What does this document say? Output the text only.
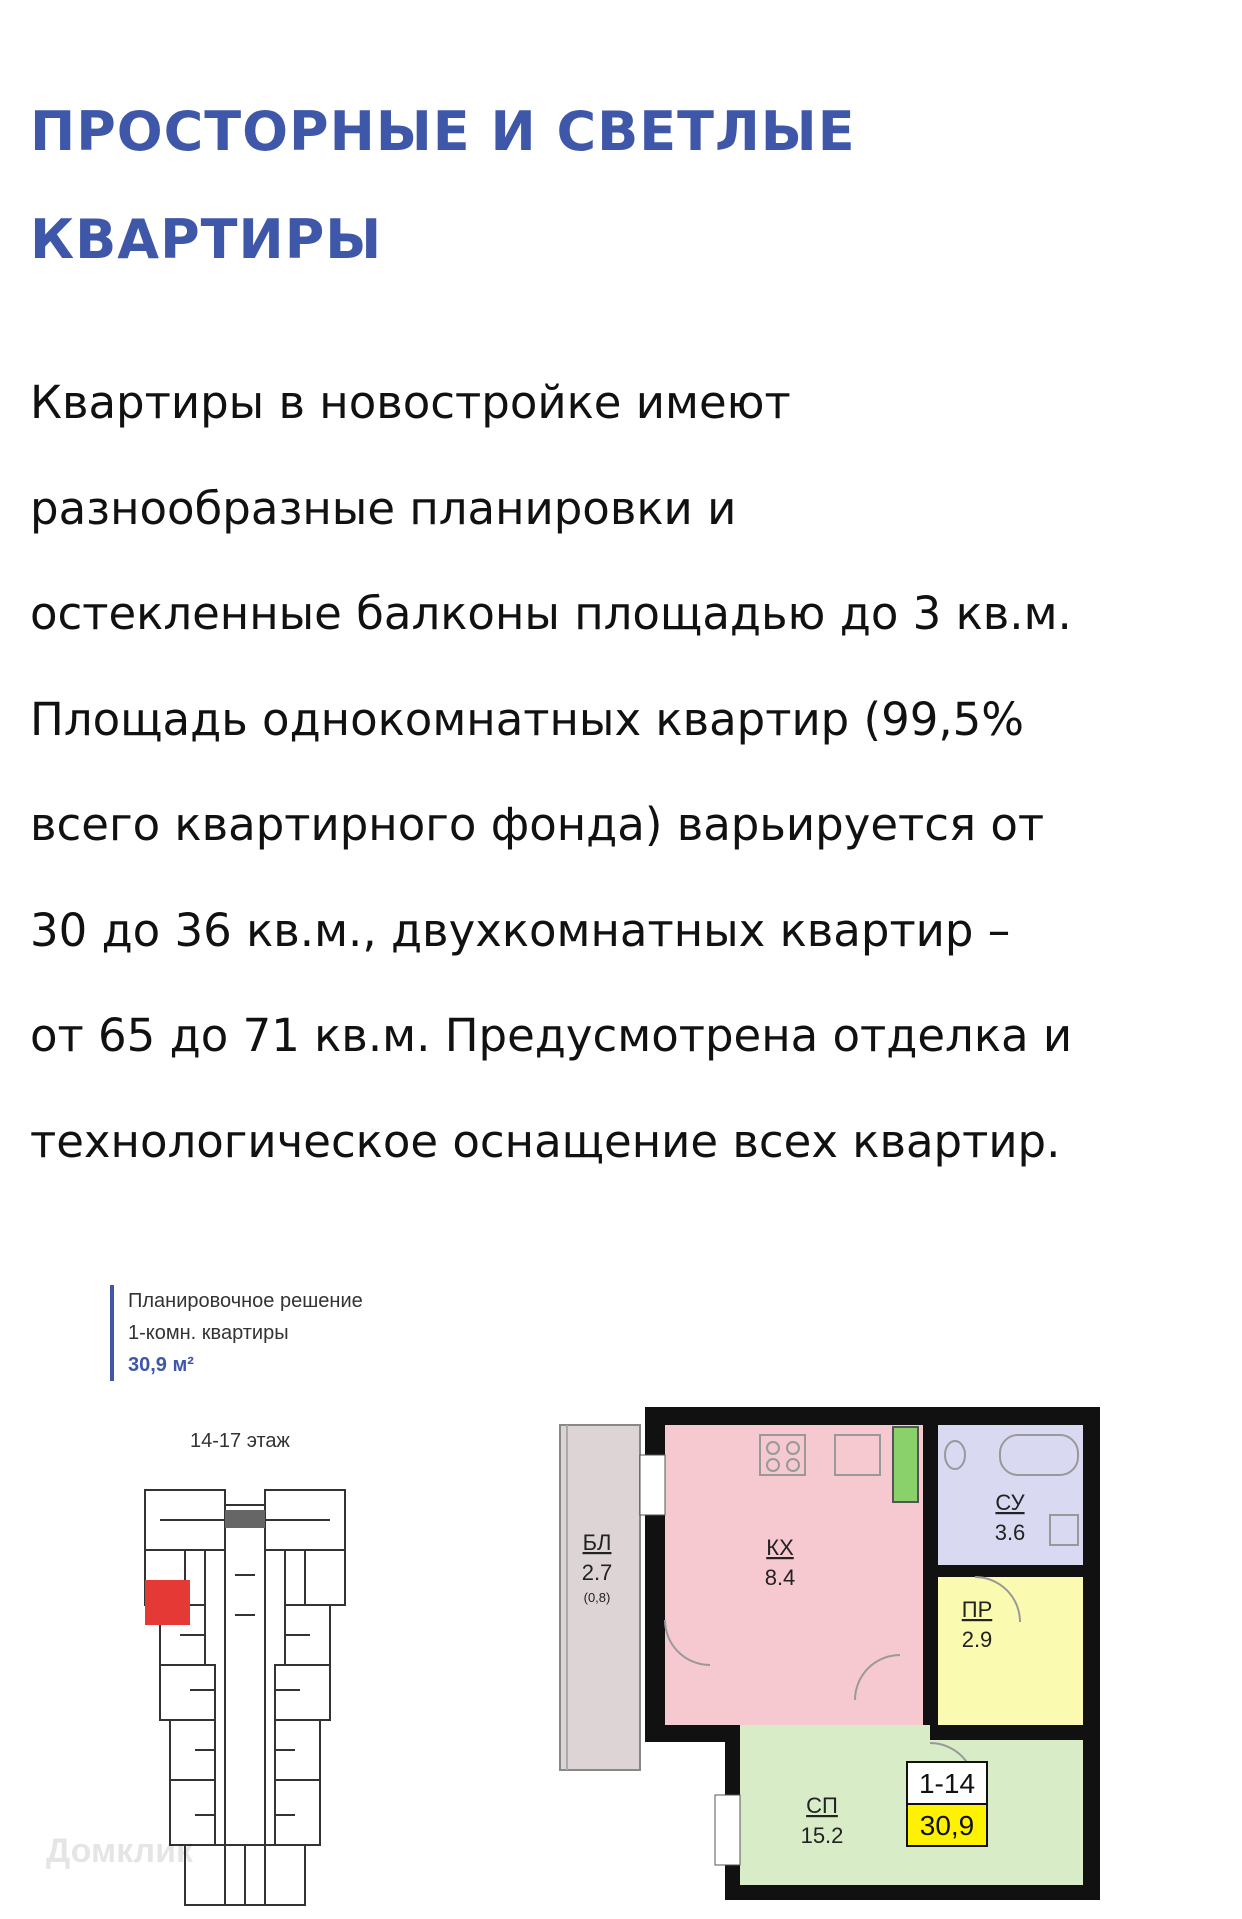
ПРОСТОРНЫЕ И СВЕТЛЫЕ
КВАРТИРЫ
Квартиры в новостройке имеют
разнообразные планировки и
остекленные балконы площадью до 3 кв.м.
Площадь однокомнатных квартир (99,5%
всего квартирного фонда) варьируется от
30 до 36 кв.м., двухкомнатных квартир –
от 65 до 71 кв.м. Предусмотрена отделка и
технологическое оснащение всех квартир.
Планировочное решение
1-комн. квартиры
30,9 м²
14-17 этаж
БЛ
2.7
(0,8)
КХ
8.4
СУ
3.6
ПР
2.9
СП
15.2
1-14
30,9
Домклик
